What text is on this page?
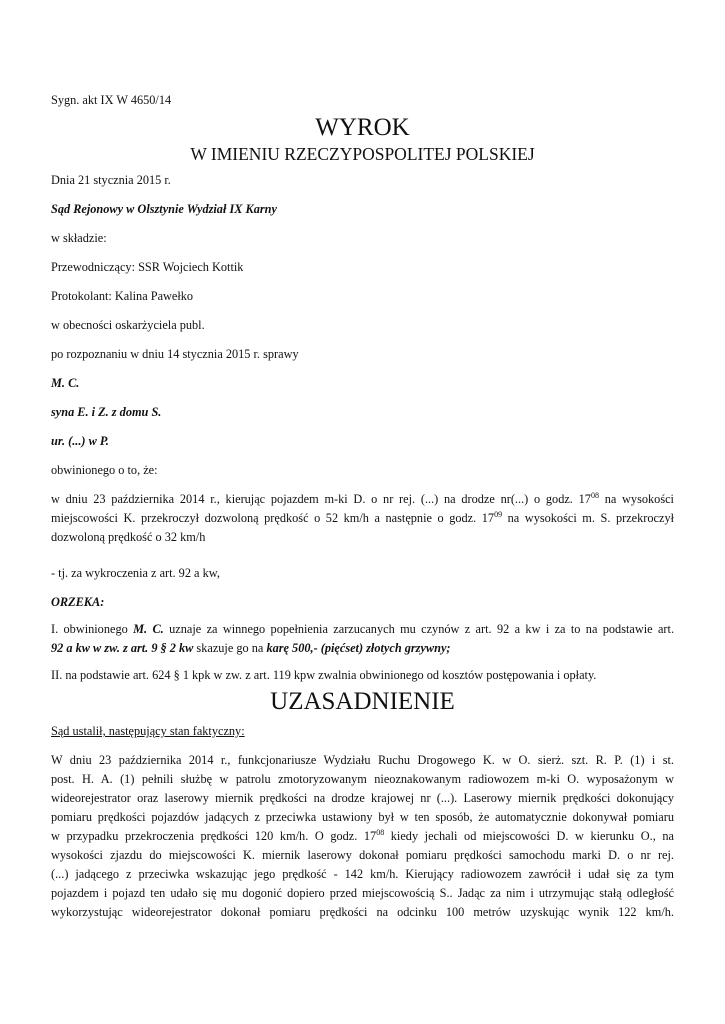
Sygn. akt IX W 4650/14

WYROK
W IMIENIU RZECZYPOSPOLITEJ POLSKIEJ

Dnia 21 stycznia 2015 r.

Sąd Rejonowy w Olsztynie Wydział IX Karny

w składzie:

Przewodniczący: SSR Wojciech Kottik

Protokolant: Kalina Pawełko

w obecności oskarżyciela publ.

po rozpoznaniu w dniu 14 stycznia 2015 r. sprawy

M. C.

syna E. i Z. z domu S.

ur. (...) w P.

obwinionego o to, że:

w dniu 23 października 2014 r., kierując pojazdem m-ki D. o nr rej. (...) na drodze nr(...) o godz. $17^{08}$ na wysokości
miejscowości K. przekroczył dozwoloną prędkość o 52 km/h a następnie o godz. $17^{09}$ na wysokości m. S. przekroczył
dozwoloną prędkość o 32 km/h

- tj. za wykroczenia z art. 92 a kw,

ORZEKA:

I. obwinionego M. C. uznaje za winnego popełnienia zarzucanych mu czynów z art. 92 a kw i za to na podstawie art.
92 a kw w zw. z art. 9 § 2 kw skazuje go na karę 500,- (pięćset) złotych grzywny;

II. na podstawie art. 624 § 1 kpk w zw. z art. 119 kpw zwalnia obwinionego od kosztów postępowania i opłaty.

UZASADNIENIE

Sąd ustalił, następujący stan faktyczny:

W dniu 23 października 2014 r., funkcjonariusze Wydziału Ruchu Drogowego K. w O. sierż. szt. R. P. (1) i st.
post. H. A. (1) pełnili służbę w patrolu zmotoryzowanym nieoznakowanym radiowozem m-ki O. wyposażonym w
wideorejestrator oraz laserowy miernik prędkości na drodze krajowej nr (...). Laserowy miernik prędkości dokonujący
pomiaru prędkości pojazdów jadących z przeciwka ustawiony był w ten sposób, że automatycznie dokonywał pomiaru
w przypadku przekroczenia prędkości 120 km/h. O godz. $17^{08}$ kiedy jechali od miejscowości D. w kierunku O., na
wysokości zjazdu do miejscowości K. miernik laserowy dokonał pomiaru prędkości samochodu marki D. o nr rej.
(...) jadącego z przeciwka wskazując jego prędkość - 142 km/h. Kierujący radiowozem zawrócił i udał się za tym
pojazdem i pojazd ten udało się mu dogonić dopiero przed miejscowością S.. Jadąc za nim i utrzymując stałą odległość
wykorzystując wideorejestrator dokonał pomiaru prędkości na odcinku 100 metrów uzyskując wynik 122 km/h.
